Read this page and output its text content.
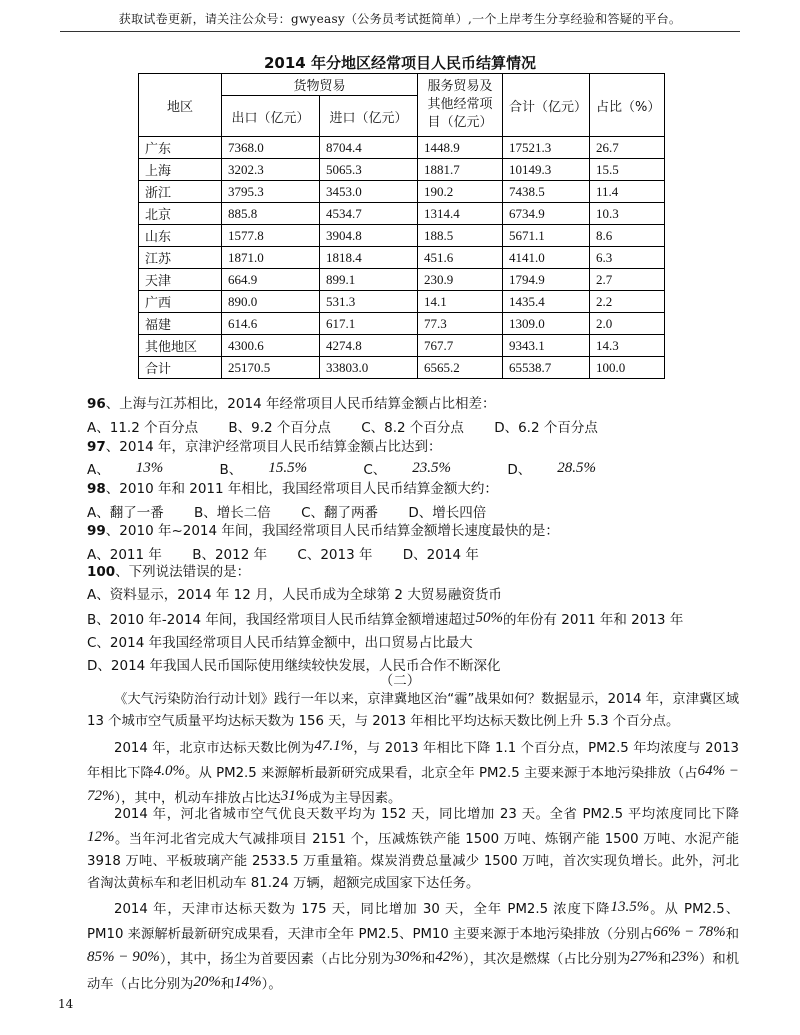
获取试卷更新，请关注公众号：gwyeasy（公务员考试挺简单）,一个上岸考生分享经验和答疑的平台。
2014 年分地区经常项目人民币结算情况
地区	货物贸易		服务贸易及其他经常项目（亿元）	合计（亿元）	占比（%）
	出口（亿元）	进口（亿元）			
广东	7368.0	8704.4	1448.9	17521.3	26.7
上海	3202.3	5065.3	1881.7	10149.3	15.5
浙江	3795.3	3453.0	190.2	7438.5	11.4
北京	885.8	4534.7	1314.4	6734.9	10.3
山东	1577.8	3904.8	188.5	5671.1	8.6
江苏	1871.0	1818.4	451.6	4141.0	6.3
天津	664.9	899.1	230.9	1794.9	2.7
广西	890.0	531.3	14.1	1435.4	2.2
福建	614.6	617.1	77.3	1309.0	2.0
其他地区	4300.6	4274.8	767.7	9343.1	14.3
合计	25170.5	33803.0	6565.2	65538.7	100.0
96、上海与江苏相比，2014 年经常项目人民币结算金额占比相差：
A、11.2 个百分点 B、9.2 个百分点 C、8.2 个百分点 D、6.2 个百分点
97、2014 年，京津沪经常项目人民币结算金额占比达到：
A、 13%	B、 15.5%	C、 23.5%	D、 28.5%
98、2010 年和 2011 年相比，我国经常项目人民币结算金额大约：
A、翻了一番 B、增长二倍 C、翻了两番 D、增长四倍
99、2010 年~2014 年间，我国经常项目人民币结算金额增长速度最快的是：
A、2011 年 B、2012 年 C、2013 年 D、2014 年
100、下列说法错误的是：
A、资料显示，2014 年 12 月，人民币成为全球第 2 大贸易融资货币
B、2010 年-2014 年间，我国经常项目人民币结算金额增速超过50%的年份有 2011 年和 2013 年
C、2014 年我国经常项目人民币结算金额中，出口贸易占比最大
D、2014 年我国人民币国际使用继续较快发展，人民币合作不断深化
（二）
《大气污染防治行动计划》践行一年以来，京津冀地区治“霾”战果如何？数据显示，2014 年，京津冀区域 13 个城市空气质量平均达标天数为 156 天，与 2013 年相比平均达标天数比例上升 5.3 个百分点。
2014 年，北京市达标天数比例为47.1%，与 2013 年相比下降 1.1 个百分点，PM2.5 年均浓度与 2013 年相比下降4.0%。从 PM2.5 来源解析最新研究成果看，北京全年 PM2.5 主要来源于本地污染排放（占64% − 72%），其中，机动车排放占比达31%成为主导因素。
2014 年，河北省城市空气优良天数平均为 152 天，同比增加 23 天。全省 PM2.5 平均浓度同比下降12%。当年河北省完成大气减排项目 2151 个，压减炼铁产能 1500 万吨、炼钢产能 1500 万吨、水泥产能 3918 万吨、平板玻璃产能 2533.5 万重量箱。煤炭消费总量减少 1500 万吨，首次实现负增长。此外，河北省淘汰黄标车和老旧机动车 81.24 万辆，超额完成国家下达任务。
2014 年，天津市达标天数为 175 天，同比增加 30 天，全年 PM2.5 浓度下降13.5%。从 PM2.5、PM10 来源解析最新研究成果看，天津市全年 PM2.5、PM10 主要来源于本地污染排放（分别占66% − 78%和85% − 90%），其中，扬尘为首要因素（占比分别为30%和42%），其次是燃煤（占比分别为27%和23%）和机动车（占比分别为20%和14%）。
14
